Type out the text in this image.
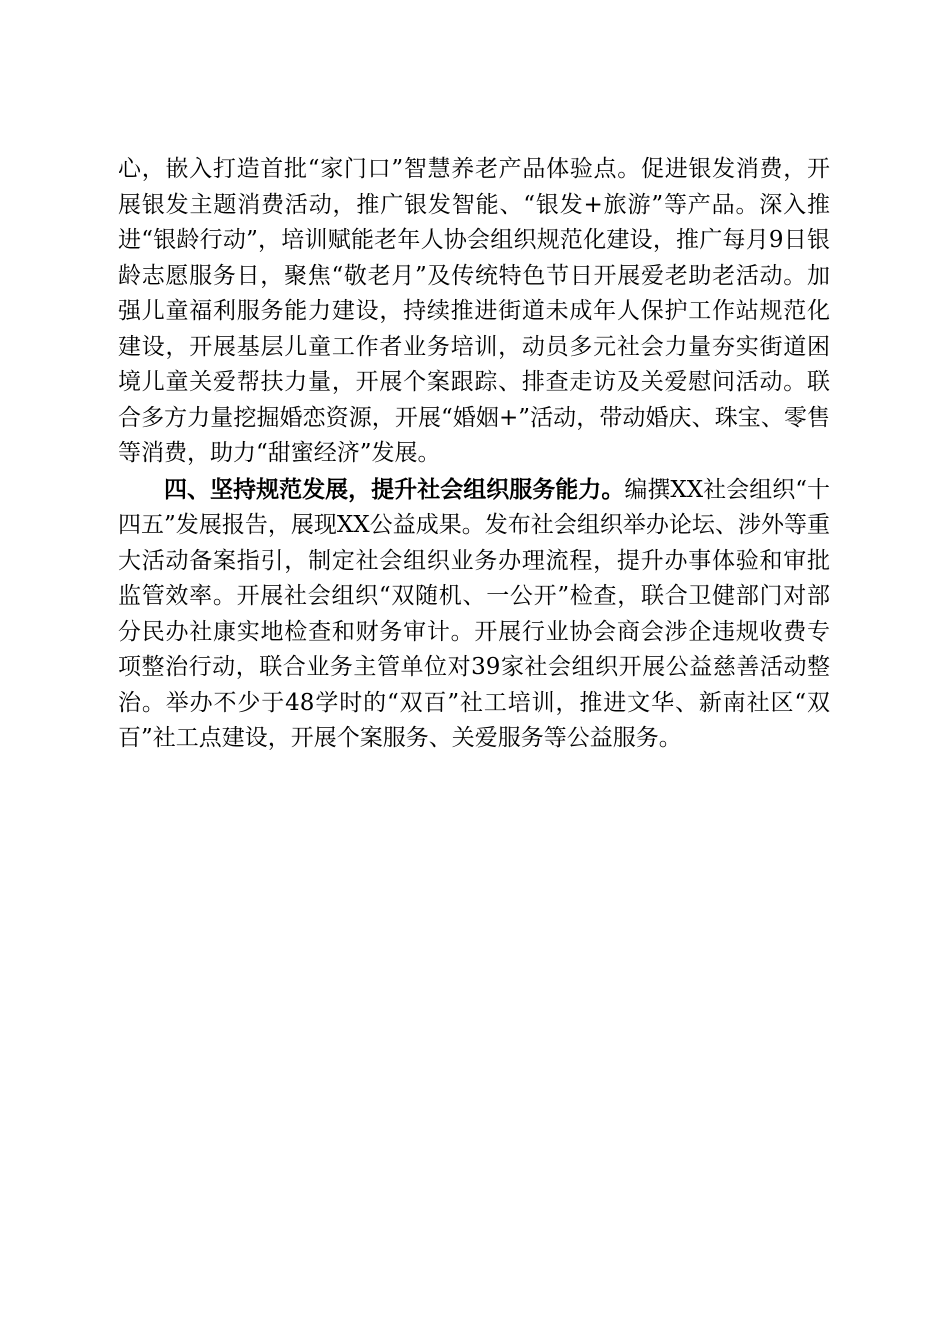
心，嵌入打造首批“家门口”智慧养老产品体验点。促进银发消费，开展银发主题消费活动，推广银发智能、“银发+旅游”等产品。深入推进“银龄行动”，培训赋能老年人协会组织规范化建设，推广每月9日银龄志愿服务日，聚焦“敬老月”及传统特色节日开展爱老助老活动。加强儿童福利服务能力建设，持续推进街道未成年人保护工作站规范化建设，开展基层儿童工作者业务培训，动员多元社会力量夯实街道困境儿童关爱帮扶力量，开展个案跟踪、排查走访及关爱慰问活动。联合多方力量挖掘婚恋资源，开展“婚姻+”活动，带动婚庆、珠宝、零售等消费，助力“甜蜜经济”发展。

四、坚持规范发展，提升社会组织服务能力。编撰XX社会组织“十四五”发展报告，展现XX公益成果。发布社会组织举办论坛、涉外等重大活动备案指引，制定社会组织业务办理流程，提升办事体验和审批监管效率。开展社会组织“双随机、一公开”检查，联合卫健部门对部分民办社康实地检查和财务审计。开展行业协会商会涉企违规收费专项整治行动，联合业务主管单位对39家社会组织开展公益慈善活动整治。举办不少于48学时的“双百”社工培训，推进文华、新南社区“双百”社工点建设，开展个案服务、关爱服务等公益服务。
